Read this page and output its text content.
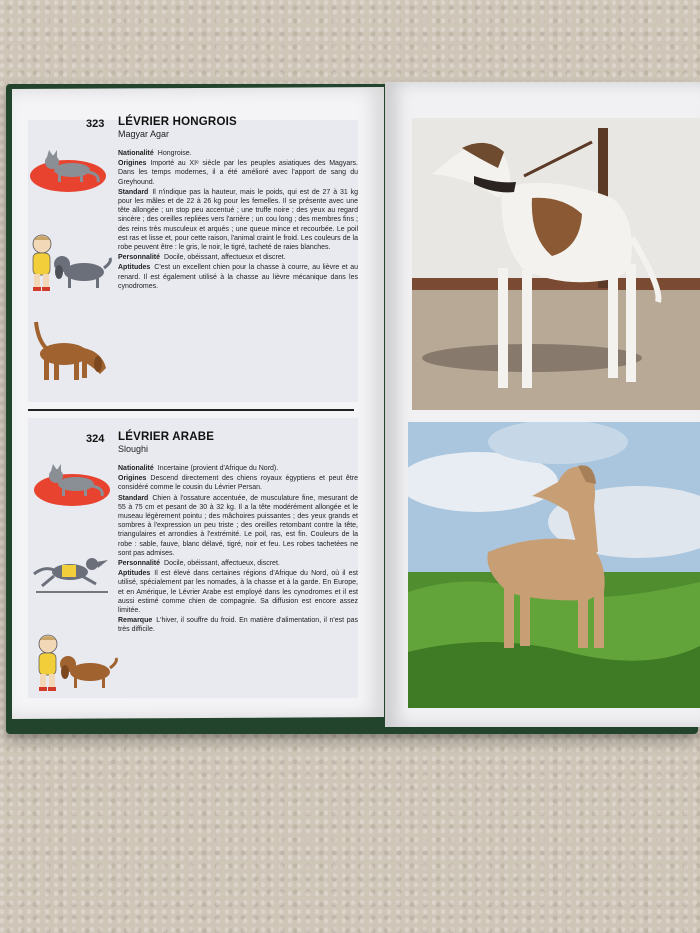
323 LÉVRIER HONGROIS
Magyar Agar

Nationalité Hongroise.

Origines Importé au XIᵉ siècle par les peuples asiatiques des Magyars. Dans les temps modernes, il a été amélioré avec l'apport de sang du Greyhound.

Standard Il n'indique pas la hauteur, mais le poids, qui est de 27 à 31 kg pour les mâles et de 22 à 26 kg pour les femelles. Il se présente avec une tête allongée ; un stop peu accentué ; une truffe noire ; des yeux au regard sincère ; des oreilles repliées vers l'arrière ; un cou long ; des membres fins ; des reins très musculeux et arqués ; une queue mince et recourbée. Le poil est ras et lisse et, pour cette raison, l'animal craint le froid. Les couleurs de la robe peuvent être : le gris, le noir, le tigré, tacheté de raies blanches.

Personnalité Docile, obéissant, affectueux et discret.

Aptitudes C'est un excellent chien pour la chasse à courre, au lièvre et au renard. Il est également utilisé à la chasse au lièvre mécanique dans les cynodromes.

324 LÉVRIER ARABE
Sloughi

Nationalité Incertaine (provient d'Afrique du Nord).

Origines Descend directement des chiens royaux égyptiens et peut être considéré comme le cousin du Lévrier Persan.

Standard Chien à l'ossature accentuée, de musculature fine, mesurant de 55 à 75 cm et pesant de 30 à 32 kg. Il a la tête modérément allongée et le museau légèrement pointu ; des mâchoires puissantes ; des yeux grands et sombres à l'expression un peu triste ; des oreilles retombant contre la tête, triangulaires et arrondies à l'extrémité. Le poil, ras, est fin. Couleurs de la robe : sable, fauve, blanc délavé, tigré, noir et feu. Les robes tachetées ne sont pas admises.

Personnalité Docile, obéissant, affectueux, discret.

Aptitudes Il est élevé dans certaines régions d'Afrique du Nord, où il est utilisé, spécialement par les nomades, à la chasse et à la garde. En Europe, et en Amérique, le Lévrier Arabe est employé dans les cynodromes et il est aussi estimé comme chien de compagnie. Sa diffusion est encore assez limitée.

Remarque L'hiver, il souffre du froid. En matière d'alimentation, il n'est pas très difficile.
